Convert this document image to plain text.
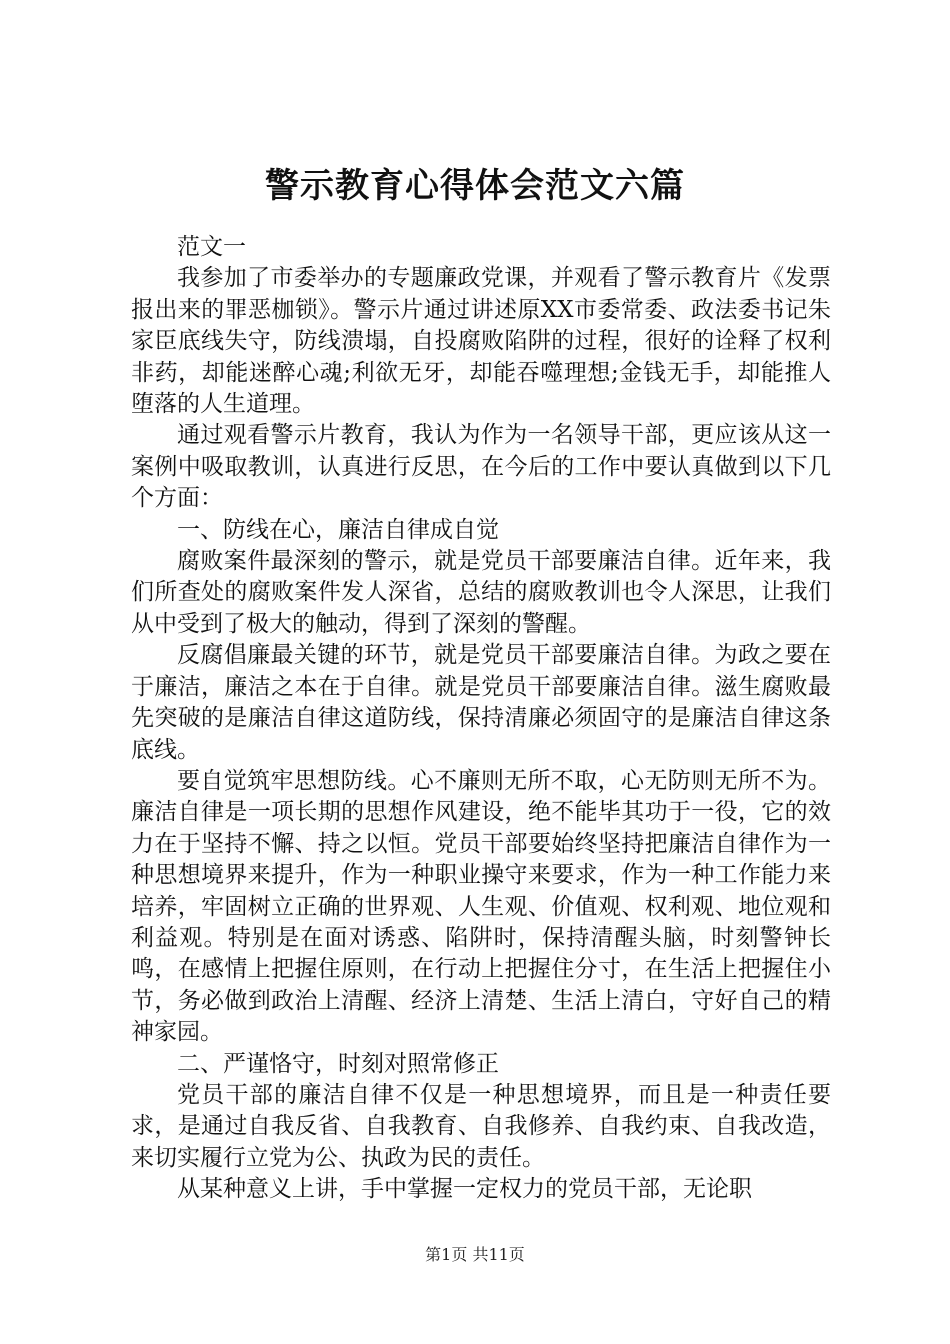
警示教育心得体会范文六篇

范文一

我参加了市委举办的专题廉政党课，并观看了警示教育片《发票报出来的罪恶枷锁》。警示片通过讲述原XX市委常委、政法委书记朱家臣底线失守，防线溃塌，自投腐败陷阱的过程，很好的诠释了权利非药，却能迷醉心魂;利欲无牙，却能吞噬理想;金钱无手，却能推人堕落的人生道理。

通过观看警示片教育，我认为作为一名领导干部，更应该从这一案例中吸取教训，认真进行反思，在今后的工作中要认真做到以下几个方面：

一、防线在心，廉洁自律成自觉

腐败案件最深刻的警示，就是党员干部要廉洁自律。近年来，我们所查处的腐败案件发人深省，总结的腐败教训也令人深思，让我们从中受到了极大的触动，得到了深刻的警醒。

反腐倡廉最关键的环节，就是党员干部要廉洁自律。为政之要在于廉洁，廉洁之本在于自律。就是党员干部要廉洁自律。滋生腐败最先突破的是廉洁自律这道防线，保持清廉必须固守的是廉洁自律这条底线。

要自觉筑牢思想防线。心不廉则无所不取，心无防则无所不为。廉洁自律是一项长期的思想作风建设，绝不能毕其功于一役，它的效力在于坚持不懈、持之以恒。党员干部要始终坚持把廉洁自律作为一种思想境界来提升，作为一种职业操守来要求，作为一种工作能力来培养，牢固树立正确的世界观、人生观、价值观、权利观、地位观和利益观。特别是在面对诱惑、陷阱时，保持清醒头脑，时刻警钟长鸣，在感情上把握住原则，在行动上把握住分寸，在生活上把握住小节，务必做到政治上清醒、经济上清楚、生活上清白，守好自己的精神家园。

二、严谨恪守，时刻对照常修正

党员干部的廉洁自律不仅是一种思想境界，而且是一种责任要求，是通过自我反省、自我教育、自我修养、自我约束、自我改造，来切实履行立党为公、执政为民的责任。

从某种意义上讲，手中掌握一定权力的党员干部，无论职

第1页 共11页
